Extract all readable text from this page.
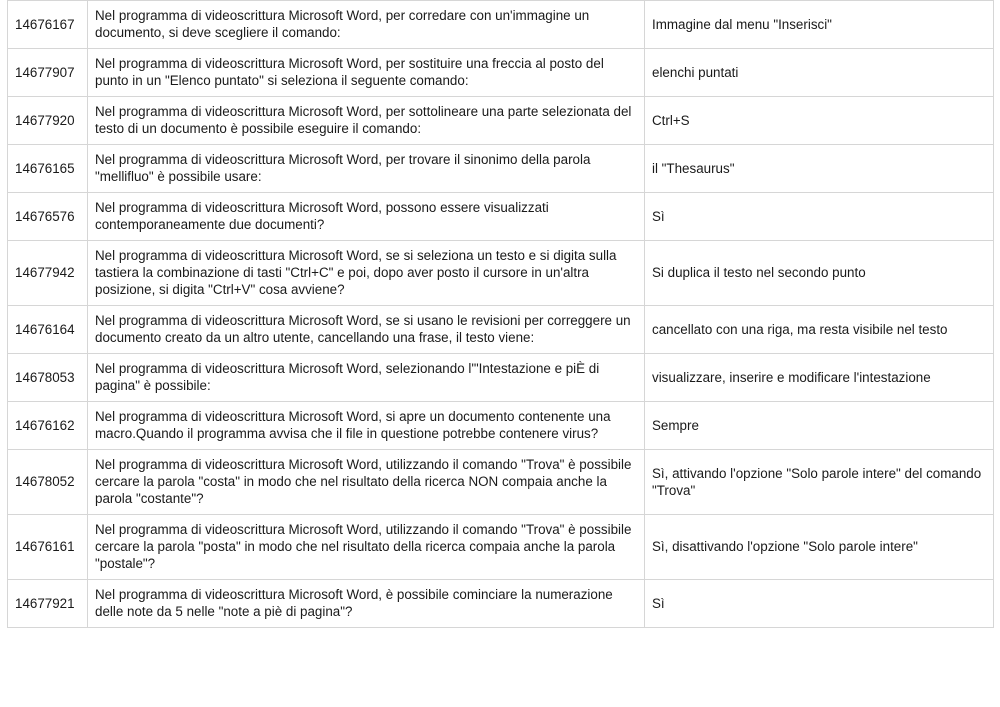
14676167	Nel programma di videoscrittura Microsoft Word, per corredare con un'immagine un documento, si deve scegliere il comando:	Immagine dal menu "Inserisci"
14677907	Nel programma di videoscrittura Microsoft Word, per sostituire una freccia al posto del punto in un "Elenco puntato" si seleziona il seguente comando:	elenchi puntati
14677920	Nel programma di videoscrittura Microsoft Word, per sottolineare una parte selezionata del testo di un documento è possibile eseguire il comando:	Ctrl+S
14676165	Nel programma di videoscrittura Microsoft Word, per trovare il sinonimo della parola "mellifluo" è possibile usare:	il "Thesaurus"
14676576	Nel programma di videoscrittura Microsoft Word, possono essere visualizzati contemporaneamente due documenti?	Sì
14677942	Nel programma di videoscrittura Microsoft Word, se si seleziona un testo e si digita sulla tastiera la combinazione di tasti "Ctrl+C" e poi, dopo aver posto il cursore in un'altra posizione, si digita "Ctrl+V" cosa avviene?	Si duplica il testo nel secondo punto
14676164	Nel programma di videoscrittura Microsoft Word, se si usano le revisioni per correggere un documento creato da un altro utente, cancellando una frase, il testo viene:	cancellato con una riga, ma resta visibile nel testo
14678053	Nel programma di videoscrittura Microsoft Word, selezionando l'"Intestazione e piÈ di pagina" è possibile:	visualizzare, inserire e modificare l'intestazione
14676162	Nel programma di videoscrittura Microsoft Word, si apre un documento contenente una macro.Quando il programma avvisa che il file in questione potrebbe contenere virus?	Sempre
14678052	Nel programma di videoscrittura Microsoft Word, utilizzando il comando "Trova" è possibile cercare la parola "costa" in modo che nel risultato della ricerca NON compaia anche la parola "costante"?	Sì, attivando l'opzione "Solo parole intere" del comando "Trova"
14676161	Nel programma di videoscrittura Microsoft Word, utilizzando il comando "Trova" è possibile cercare la parola "posta" in modo che nel risultato della ricerca compaia anche la parola "postale"?	Sì, disattivando l'opzione "Solo parole intere"
14677921	Nel programma di videoscrittura Microsoft Word, è possibile cominciare la numerazione delle note da 5 nelle "note a piè di pagina"?	Sì
